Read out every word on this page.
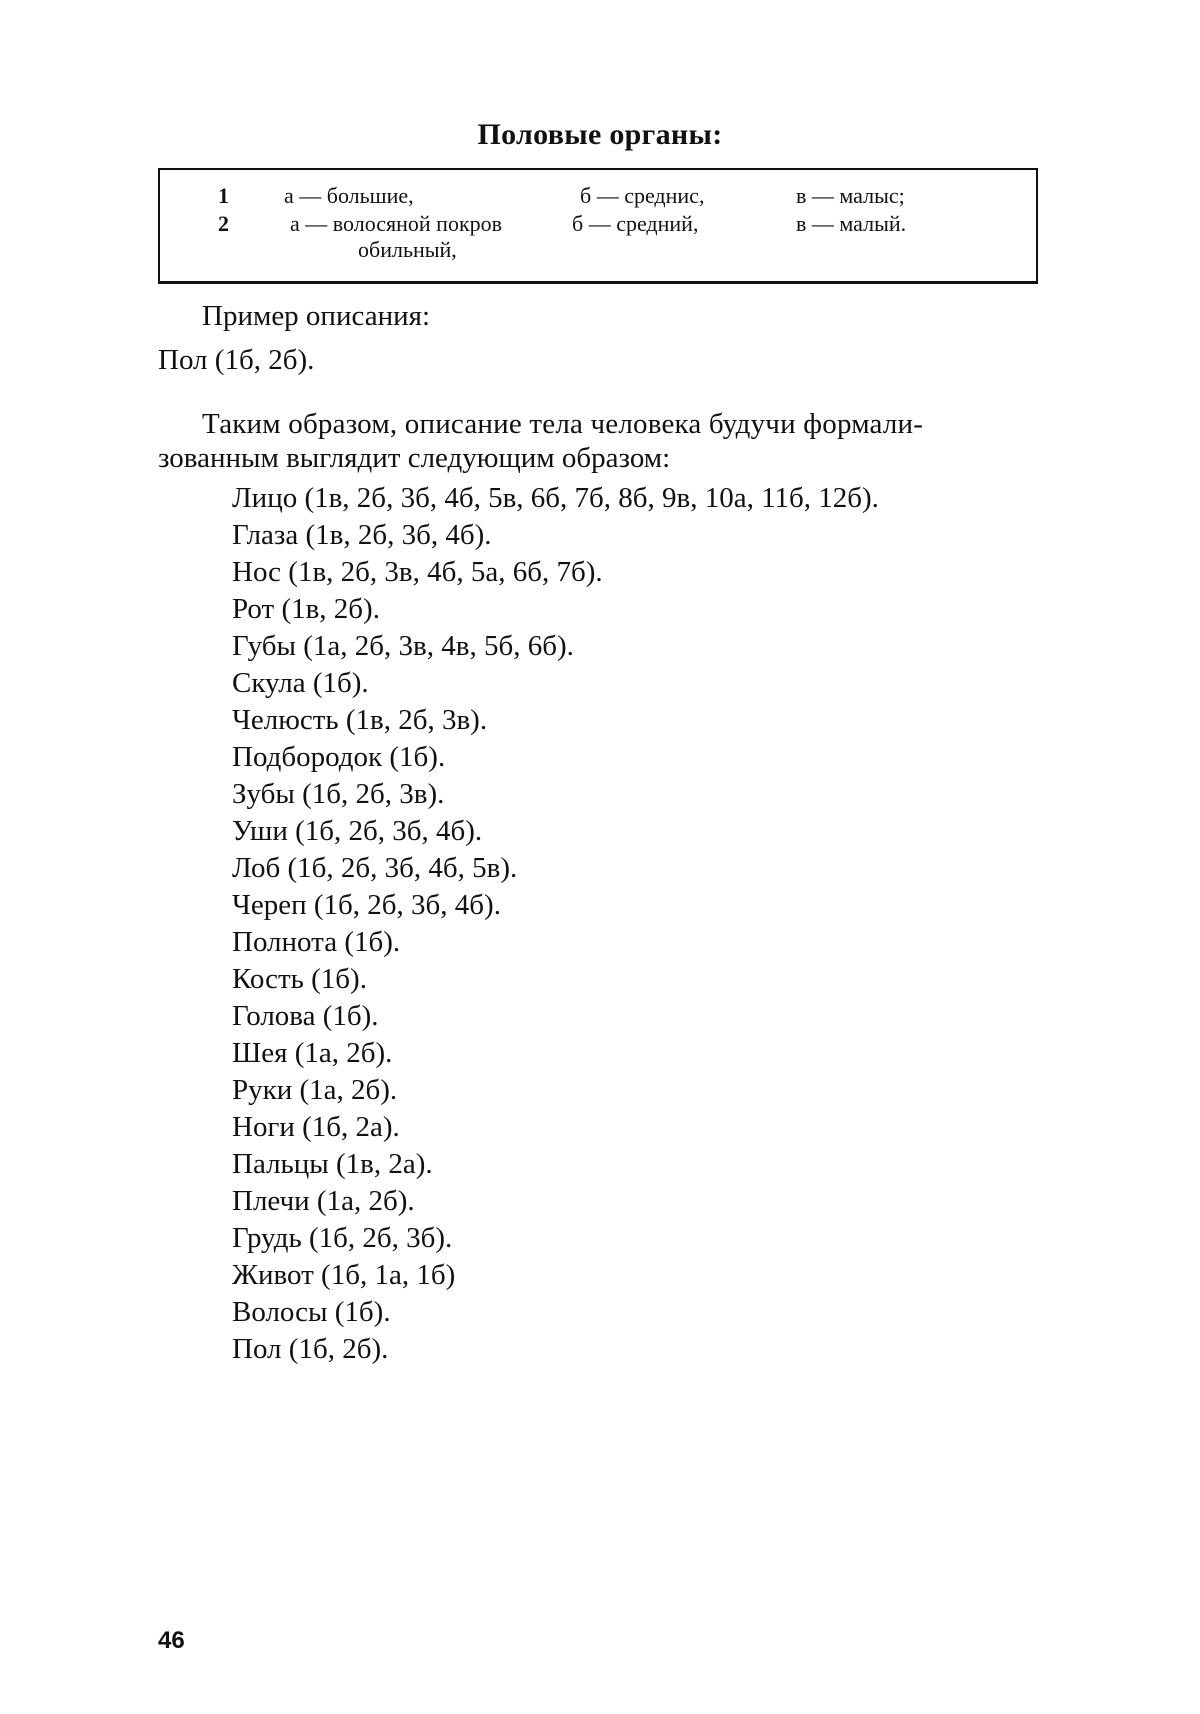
Половые органы:
1	а — большие,	б — среднис,	в — малыс;
2	а — волосяной покров	б — средний,	в — малый.
обильный,
Пример описания:
Пол (1б, 2б).
Таким образом, описание тела человека будучи формали-
зованным выглядит следующим образом:
Лицо (1в, 2б, 3б, 4б, 5в, 6б, 7б, 8б, 9в, 10а, 11б, 12б).
Глаза (1в, 2б, 3б, 4б).
Нос (1в, 2б, 3в, 4б, 5а, 6б, 7б).
Рот (1в, 2б).
Губы (1а, 2б, 3в, 4в, 5б, 6б).
Скула (1б).
Челюсть (1в, 2б, 3в).
Подбородок (1б).
Зубы (1б, 2б, 3в).
Уши (1б, 2б, 3б, 4б).
Лоб (1б, 2б, 3б, 4б, 5в).
Череп (1б, 2б, 3б, 4б).
Полнота (1б).
Кость (1б).
Голова (1б).
Шея (1а, 2б).
Руки (1а, 2б).
Ноги (1б, 2а).
Пальцы (1в, 2а).
Плечи (1а, 2б).
Грудь (1б, 2б, 3б).
Живот (1б, 1а, 1б)
Волосы (1б).
Пол (1б, 2б).
46
